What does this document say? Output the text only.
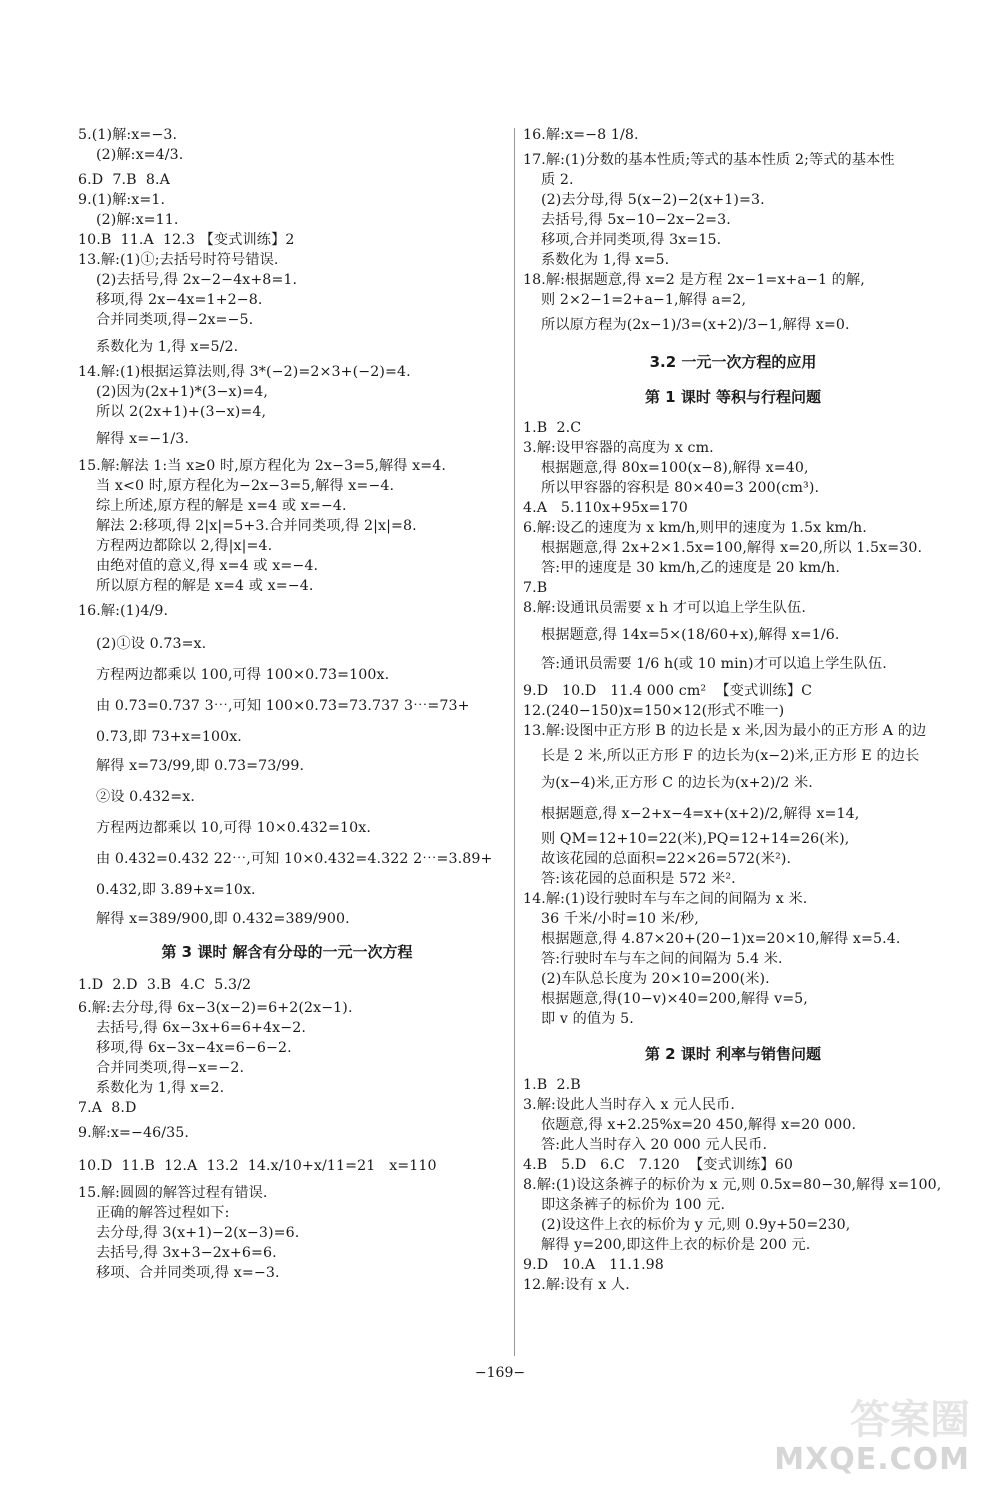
5.(1)解:x=−3.
(2)解:x=4/3.
6.D  7.B  8.A
9.(1)解:x=1.
(2)解:x=11.
10.B  11.A  12.3 【变式训练】2
13.解:(1)①;去括号时符号错误.
(2)去括号,得 2x−2−4x+8=1.
移项,得 2x−4x=1+2−8.
合并同类项,得−2x=−5.
系数化为 1,得 x=5/2.
14.解:(1)根据运算法则,得 3*(−2)=2×3+(−2)=4.
(2)因为(2x+1)*(3−x)=4,
所以 2(2x+1)+(3−x)=4,
解得 x=−1/3.
15.解:解法 1:当 x≥0 时,原方程化为 2x−3=5,解得 x=4.
当 x<0 时,原方程化为−2x−3=5,解得 x=−4.
综上所述,原方程的解是 x=4 或 x=−4.
解法 2:移项,得 2|x|=5+3.合并同类项,得 2|x|=8.
方程两边都除以 2,得|x|=4.
由绝对值的意义,得 x=4 或 x=−4.
所以原方程的解是 x=4 或 x=−4.
16.解:(1)4/9.
(2)①设 0.7̇3̇=x.
方程两边都乘以 100,可得 100×0.7̇3̇=100x.
由 0.7̇3̇=0.737 3⋯,可知 100×0.7̇3̇=73.737 3⋯=73+
0.7̇3̇,即 73+x=100x.
解得 x=73/99,即 0.7̇3̇=73/99.
②设 0.432̇=x.
方程两边都乘以 10,可得 10×0.432̇=10x.
由 0.432̇=0.432 22⋯,可知 10×0.432̇=4.322 2⋯=3.89+
0.432̇,即 3.89+x=10x.
解得 x=389/900,即 0.432̇=389/900.
第 3 课时 解含有分母的一元一次方程
1.D  2.D  3.B  4.C  5.3/2
6.解:去分母,得 6x−3(x−2)=6+2(2x−1).
去括号,得 6x−3x+6=6+4x−2.
移项,得 6x−3x−4x=6−6−2.
合并同类项,得−x=−2.
系数化为 1,得 x=2.
7.A  8.D
9.解:x=−46/35.
10.D  11.B  12.A  13.2  14.x/10+x/11=21   x=110
15.解:圆圆的解答过程有错误.
正确的解答过程如下:
去分母,得 3(x+1)−2(x−3)=6.
去括号,得 3x+3−2x+6=6.
移项、合并同类项,得 x=−3.
16.解:x=−8 1/8.
17.解:(1)分数的基本性质;等式的基本性质 2;等式的基本性
质 2.
(2)去分母,得 5(x−2)−2(x+1)=3.
去括号,得 5x−10−2x−2=3.
移项,合并同类项,得 3x=15.
系数化为 1,得 x=5.
18.解:根据题意,得 x=2 是方程 2x−1=x+a−1 的解,
则 2×2−1=2+a−1,解得 a=2,
所以原方程为(2x−1)/3=(x+2)/3−1,解得 x=0.
3.2 一元一次方程的应用
第 1 课时 等积与行程问题
1.B  2.C
3.解:设甲容器的高度为 x cm.
根据题意,得 80x=100(x−8),解得 x=40,
所以甲容器的容积是 80×40=3 200(cm³).
4.A   5.110x+95x=170
6.解:设乙的速度为 x km/h,则甲的速度为 1.5x km/h.
根据题意,得 2x+2×1.5x=100,解得 x=20,所以 1.5x=30.
答:甲的速度是 30 km/h,乙的速度是 20 km/h.
7.B
8.解:设通讯员需要 x h 才可以追上学生队伍.
根据题意,得 14x=5×(18/60+x),解得 x=1/6.
答:通讯员需要 1/6 h(或 10 min)才可以追上学生队伍.
9.D   10.D   11.4 000 cm²  【变式训练】C
12.(240−150)x=150×12(形式不唯一)
13.解:设图中正方形 B 的边长是 x 米,因为最小的正方形 A 的边
长是 2 米,所以正方形 F 的边长为(x−2)米,正方形 E 的边长
为(x−4)米,正方形 C 的边长为(x+2)/2 米.
根据题意,得 x−2+x−4=x+(x+2)/2,解得 x=14,
则 QM=12+10=22(米),PQ=12+14=26(米),
故该花园的总面积=22×26=572(米²).
答:该花园的总面积是 572 米².
14.解:(1)设行驶时车与车之间的间隔为 x 米.
36 千米/小时=10 米/秒,
根据题意,得 4.87×20+(20−1)x=20×10,解得 x=5.4.
答:行驶时车与车之间的间隔为 5.4 米.
(2)车队总长度为 20×10=200(米).
根据题意,得(10−v)×40=200,解得 v=5,
即 v 的值为 5.
第 2 课时 利率与销售问题
1.B  2.B
3.解:设此人当时存入 x 元人民币.
依题意,得 x+2.25%x=20 450,解得 x=20 000.
答:此人当时存入 20 000 元人民币.
4.B   5.D   6.C   7.120  【变式训练】60
8.解:(1)设这条裤子的标价为 x 元,则 0.5x=80−30,解得 x=100,
即这条裤子的标价为 100 元.
(2)设这件上衣的标价为 y 元,则 0.9y+50=230,
解得 y=200,即这件上衣的标价是 200 元.
9.D   10.A   11.1.98
12.解:设有 x 人.
−169−
答案圈
MXQE.COM
